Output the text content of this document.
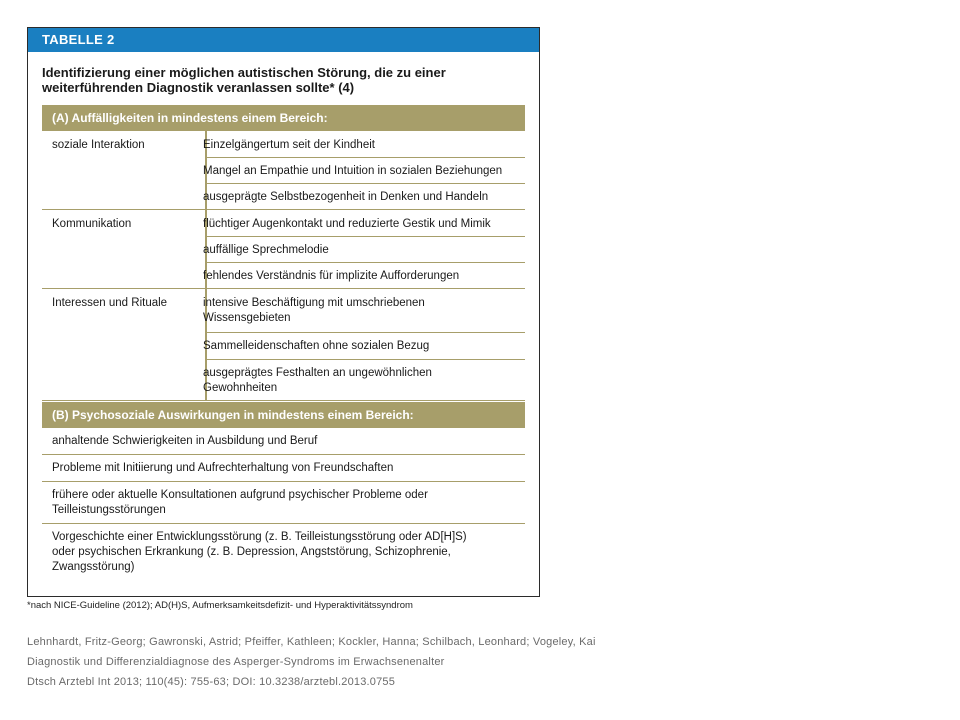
TABELLE 2
Identifizierung einer möglichen autistischen Störung, die zu einer
weiterführenden Diagnostik veranlassen sollte* (4)
(A) Auffälligkeiten in mindestens einem Bereich:
soziale Interaktion
Kommunikation
Interessen und Rituale
Einzelgängertum seit der Kindheit
Mangel an Empathie und Intuition in sozialen Beziehungen
ausgeprägte Selbstbezogenheit in Denken und Handeln
flüchtiger Augenkontakt und reduzierte Gestik und Mimik
auffällige Sprechmelodie
fehlendes Verständnis für implizite Aufforderungen
intensive Beschäftigung mit umschriebenen
Wissensgebieten
Sammelleidenschaften ohne sozialen Bezug
ausgeprägtes Festhalten an ungewöhnlichen
Gewohnheiten
(B) Psychosoziale Auswirkungen in mindestens einem Bereich:
anhaltende Schwierigkeiten in Ausbildung und Beruf
Probleme mit Initiierung und Aufrechterhaltung von Freundschaften
frühere oder aktuelle Konsultationen aufgrund psychischer Probleme oder
Teilleistungsstörungen
Vorgeschichte einer Entwicklungsstörung (z. B. Teilleistungsstörung oder AD[H]S)
oder psychischen Erkrankung (z. B. Depression, Angststörung, Schizophrenie,
Zwangsstörung)
*nach NICE-Guideline (2012); AD(H)S, Aufmerksamkeitsdefizit- und Hyperaktivitätssyndrom
Lehnhardt, Fritz-Georg; Gawronski, Astrid; Pfeiffer, Kathleen; Kockler, Hanna; Schilbach, Leonhard; Vogeley, Kai
Diagnostik und Differenzialdiagnose des Asperger-Syndroms im Erwachsenenalter
Dtsch Arztebl Int 2013; 110(45): 755-63; DOI: 10.3238/arztebl.2013.0755
